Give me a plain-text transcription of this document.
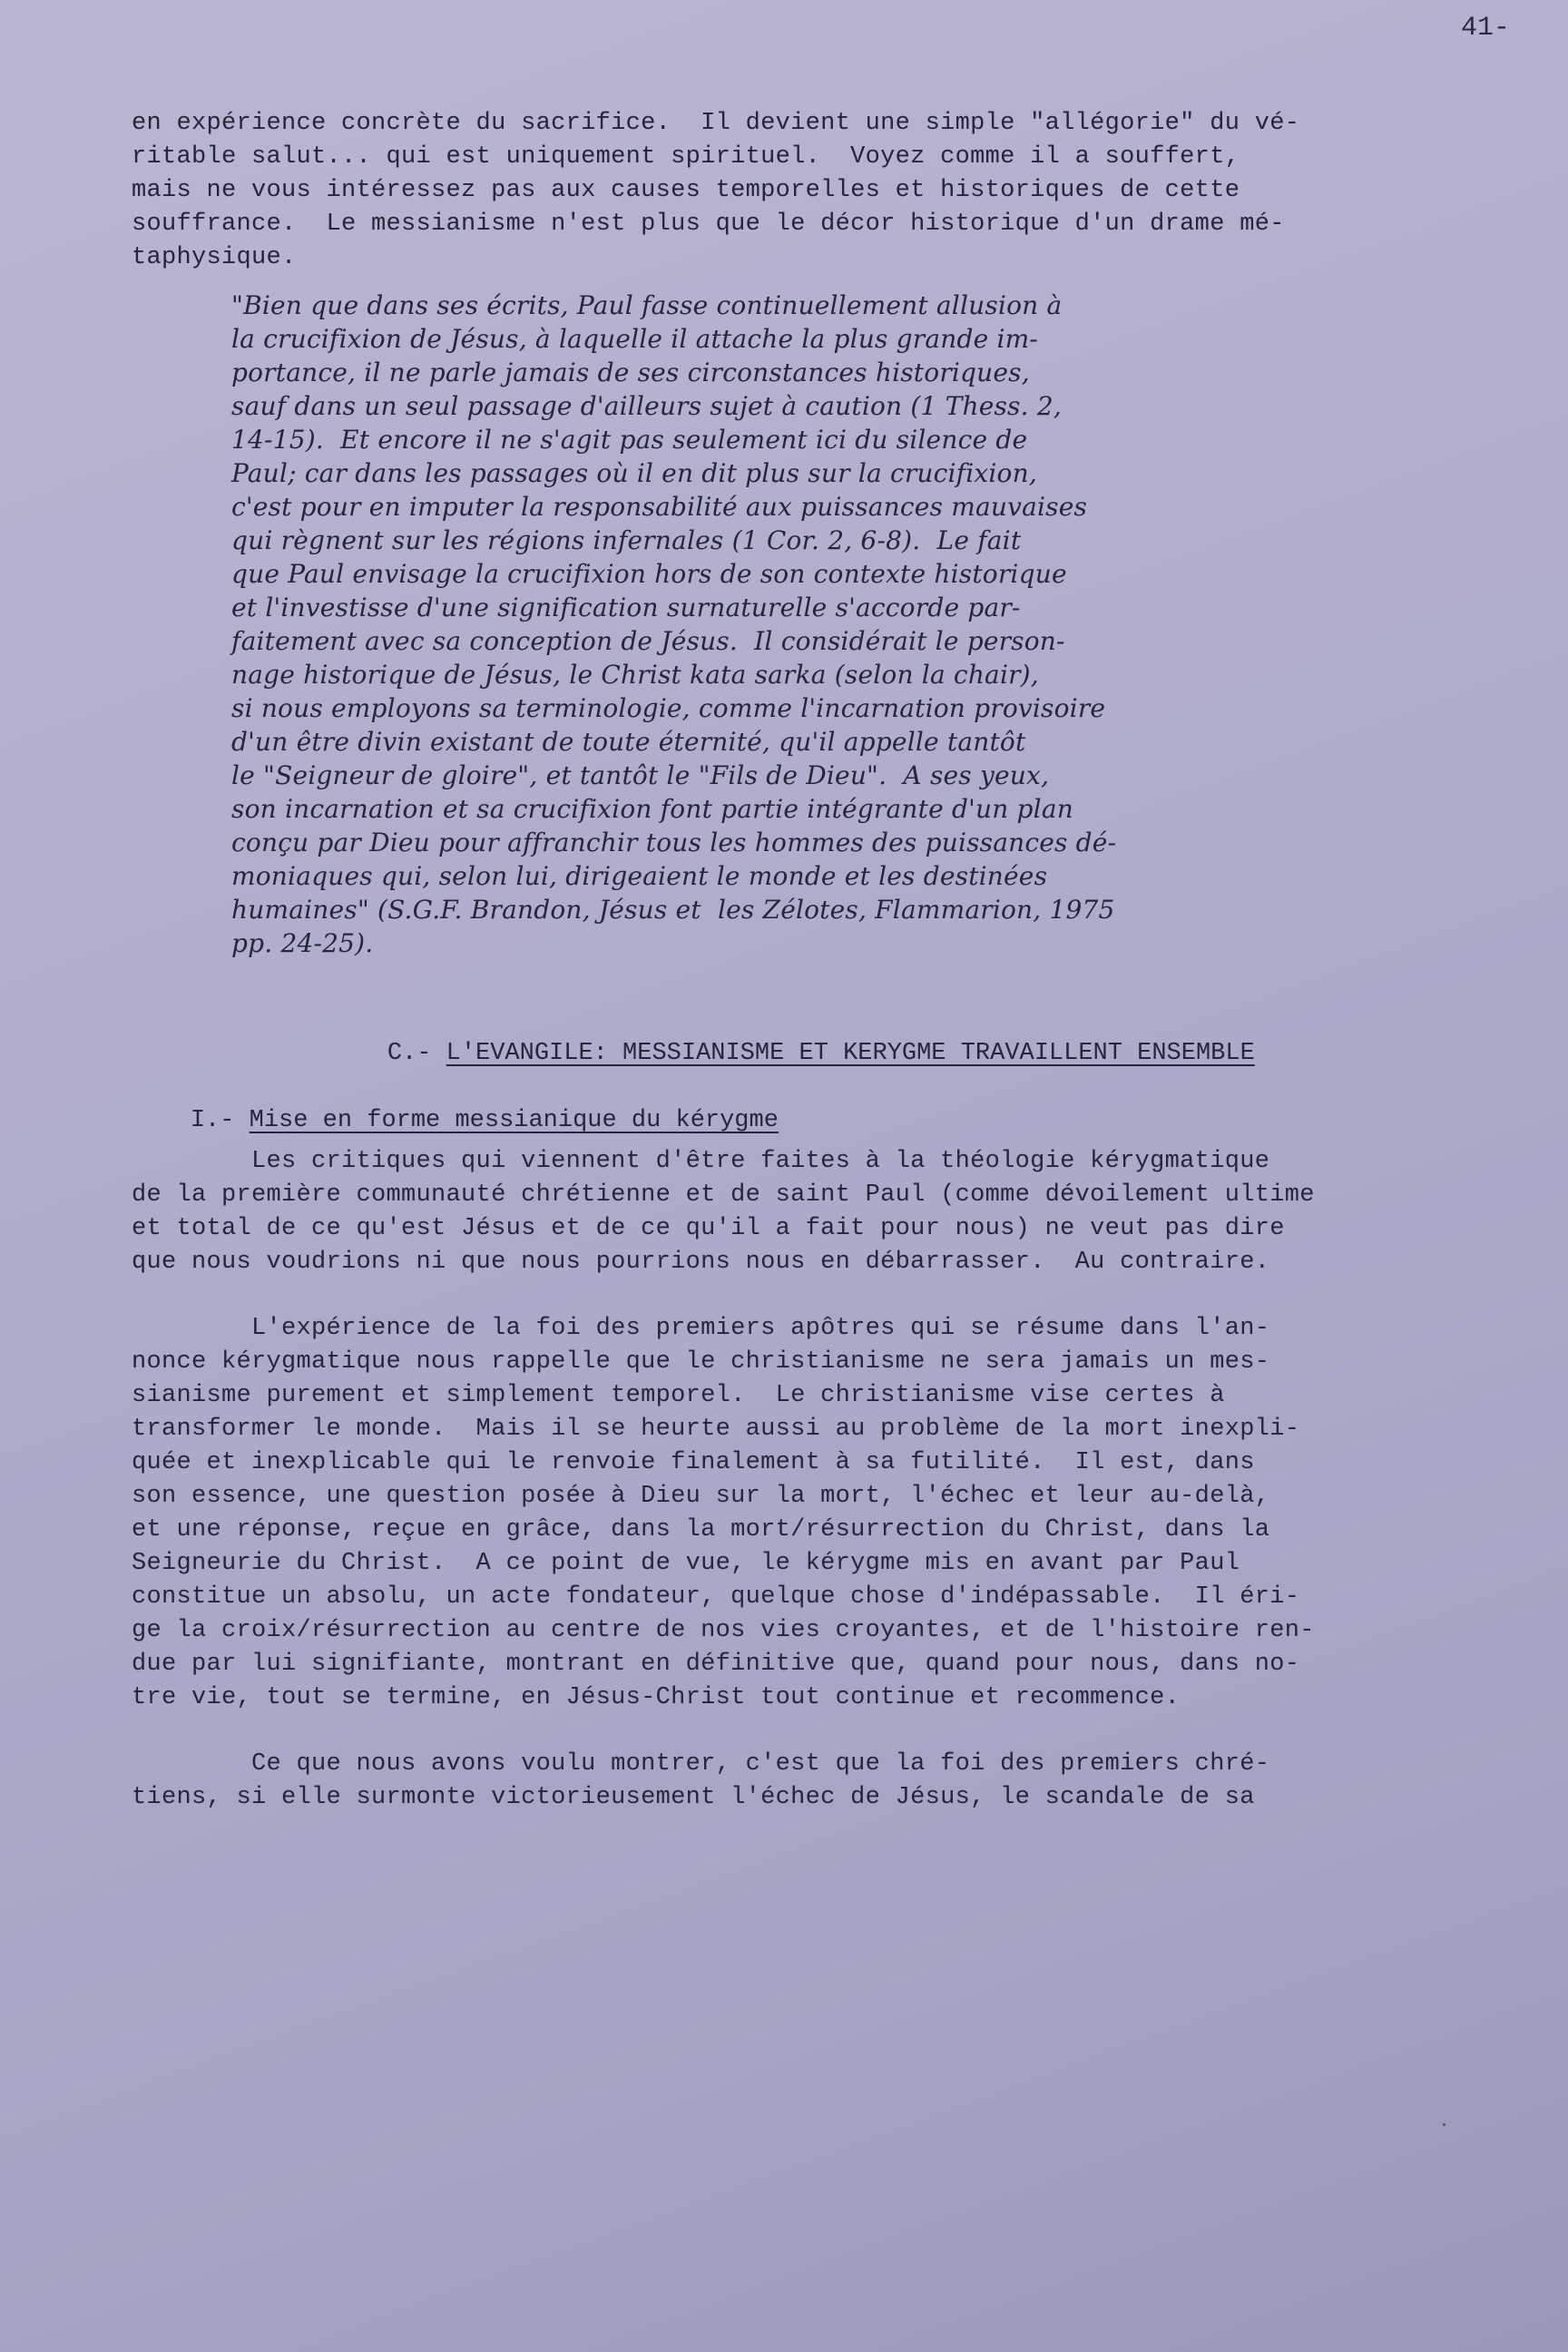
41-
en expérience concrète du sacrifice.  Il devient une simple "allégorie" du vé-
ritable salut... qui est uniquement spirituel.  Voyez comme il a souffert,
mais ne vous intéressez pas aux causes temporelles et historiques de cette
souffrance.  Le messianisme n'est plus que le décor historique d'un drame mé-
taphysique.
"Bien que dans ses écrits, Paul fasse continuellement allusion à
la crucifixion de Jésus, à laquelle il attache la plus grande im-
portance, il ne parle jamais de ses circonstances historiques,
sauf dans un seul passage d'ailleurs sujet à caution (1 Thess. 2,
14-15).  Et encore il ne s'agit pas seulement ici du silence de
Paul; car dans les passages où il en dit plus sur la crucifixion,
c'est pour en imputer la responsabilité aux puissances mauvaises
qui règnent sur les régions infernales (1 Cor. 2, 6-8).  Le fait
que Paul envisage la crucifixion hors de son contexte historique
et l'investisse d'une signification surnaturelle s'accorde par-
faitement avec sa conception de Jésus.  Il considérait le person-
nage historique de Jésus, le Christ kata sarka (selon la chair),
si nous employons sa terminologie, comme l'incarnation provisoire
d'un être divin existant de toute éternité, qu'il appelle tantôt
le "Seigneur de gloire", et tantôt le "Fils de Dieu".  A ses yeux,
son incarnation et sa crucifixion font partie intégrante d'un plan
conçu par Dieu pour affranchir tous les hommes des puissances dé-
moniaques qui, selon lui, dirigeaient le monde et les destinées
humaines" (S.G.F. Brandon, Jésus et  les Zélotes, Flammarion, 1975
pp. 24-25).

C.- L'EVANGILE: MESSIANISME ET KERYGME TRAVAILLENT ENSEMBLE

I.- Mise en forme messianique du kérygme

Les critiques qui viennent d'être faites à la théologie kérygmatique
de la première communauté chrétienne et de saint Paul (comme dévoilement ultime
et total de ce qu'est Jésus et de ce qu'il a fait pour nous) ne veut pas dire
que nous voudrions ni que nous pourrions nous en débarrasser.  Au contraire.
L'expérience de la foi des premiers apôtres qui se résume dans l'an-
nonce kérygmatique nous rappelle que le christianisme ne sera jamais un mes-
sianisme purement et simplement temporel.  Le christianisme vise certes à
transformer le monde.  Mais il se heurte aussi au problème de la mort inexpli-
quée et inexplicable qui le renvoie finalement à sa futilité.  Il est, dans
son essence, une question posée à Dieu sur la mort, l'échec et leur au-delà,
et une réponse, reçue en grâce, dans la mort/résurrection du Christ, dans la
Seigneurie du Christ.  A ce point de vue, le kérygme mis en avant par Paul
constitue un absolu, un acte fondateur, quelque chose d'indépassable.  Il éri-
ge la croix/résurrection au centre de nos vies croyantes, et de l'histoire ren-
due par lui signifiante, montrant en définitive que, quand pour nous, dans no-
tre vie, tout se termine, en Jésus-Christ tout continue et recommence.
Ce que nous avons voulu montrer, c'est que la foi des premiers chré-
tiens, si elle surmonte victorieusement l'échec de Jésus, le scandale de sa
